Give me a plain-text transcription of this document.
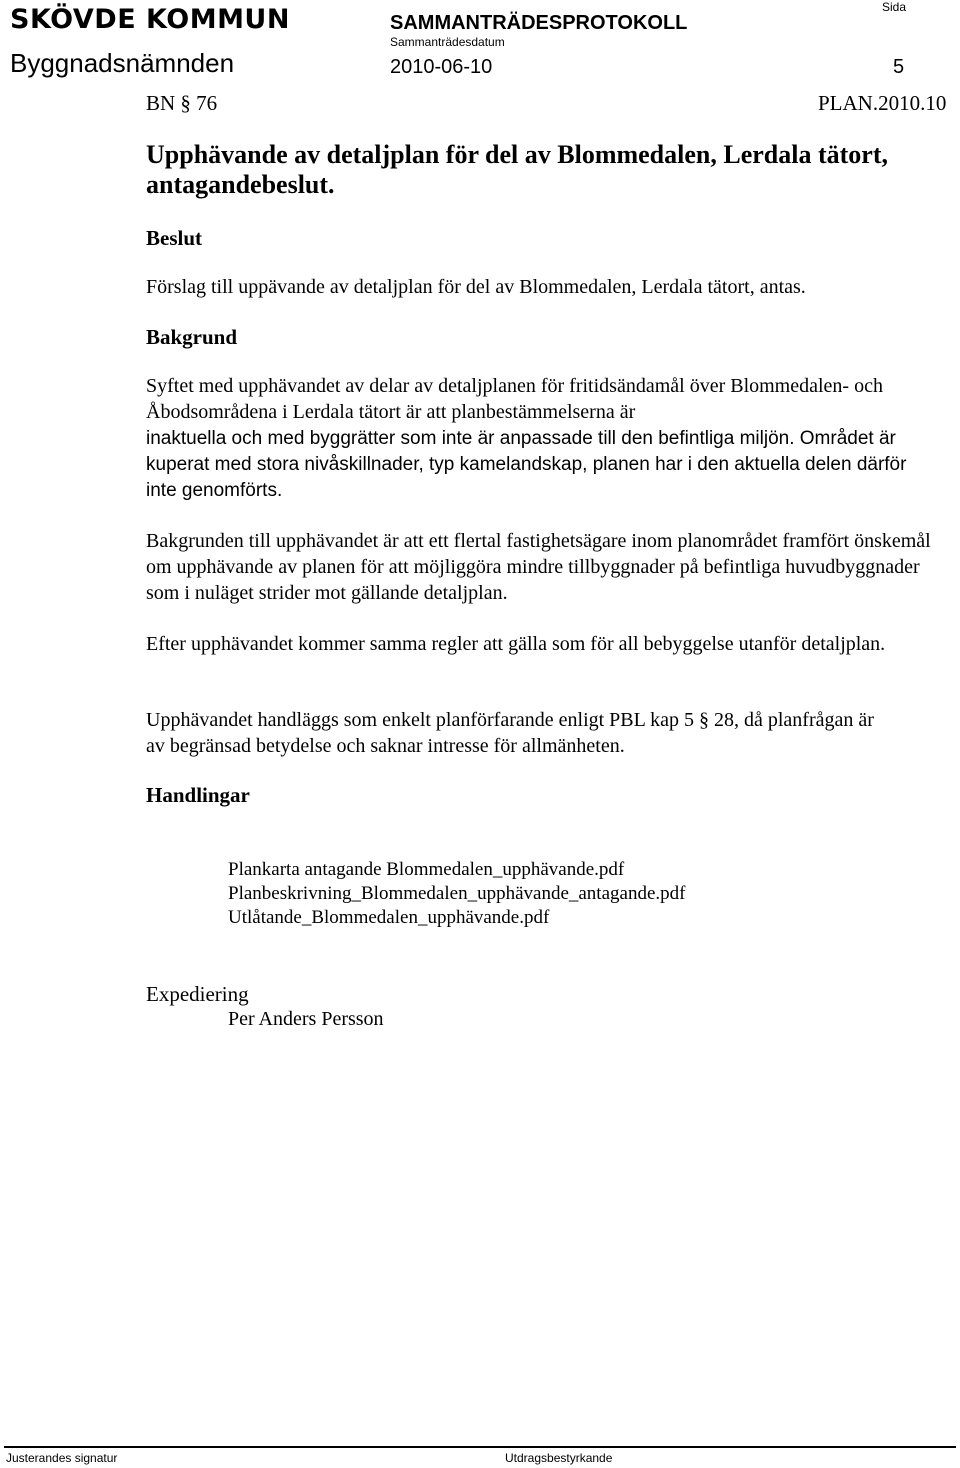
SKÖVDE KOMMUN	SAMMANTRÄDESPROTOKOLL
Sammanträdesdatum
Sida
Byggnadsnämnden	2010-06-10	5
BN § 76	PLAN.2010.10
Upphävande av detaljplan för del av Blommedalen, Lerdala tätort,
antagandebeslut.
Beslut
Förslag till uppävande av detaljplan för del av Blommedalen, Lerdala tätort, antas.
Bakgrund
Syftet med upphävandet av delar av detaljplanen för fritidsändamål över Blommedalen- och Åbodsområdena i Lerdala tätort är att planbestämmelserna är
inaktuella och med byggrätter som inte är anpassade till den befintliga miljön. Området är kuperat med stora nivåskillnader, typ kamelandskap, planen har i den aktuella delen därför inte genomförts.
Bakgrunden till upphävandet är att ett flertal fastighetsägare inom planområdet framfört önskemål om upphävande av planen för att möjliggöra mindre tillbyggnader på befintliga huvudbyggnader som i nuläget strider mot gällande detaljplan.
Efter upphävandet kommer samma regler att gälla som för all bebyggelse utanför detaljplan.
Upphävandet handläggs som enkelt planförfarande enligt PBL kap 5 § 28, då planfrågan är av begränsad betydelse och saknar intresse för allmänheten.
Handlingar
Plankarta antagande Blommedalen_upphävande.pdf
Planbeskrivning_Blommedalen_upphävande_antagande.pdf
Utlåtande_Blommedalen_upphävande.pdf
Expediering
Per Anders Persson
Justerandes signatur	Utdragsbestyrkande
